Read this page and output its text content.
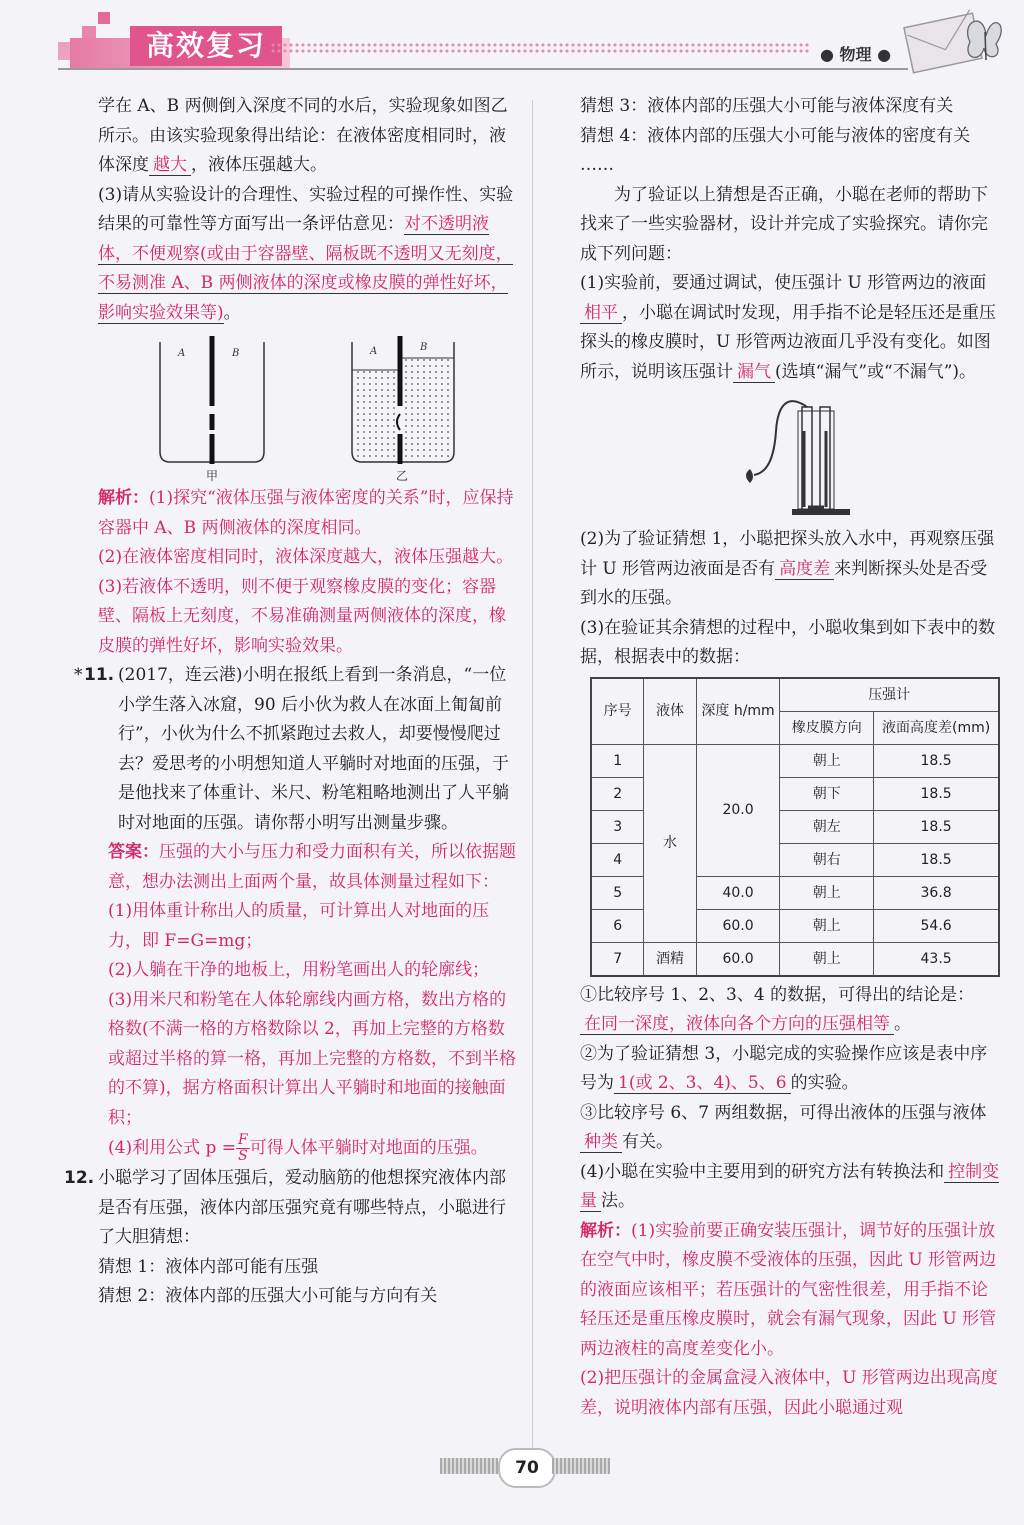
高效复习	● 物理 ●

学在 A、B 两侧倒入深度不同的水后，实验现象如图乙所示。由该实验现象得出结论：在液体密度相同时，液体深度 越大 ，液体压强越大。

(3)请从实验设计的合理性、实验过程的可操作性、实验结果的可靠性等方面写出一条评估意见：对不透明液体，不便观察(或由于容器壁、隔板既不透明又无刻度，不易测准 A、B 两侧液体的深度或橡皮膜的弹性好坏，影响实验效果等)。

A	B
甲
A	B
乙

解析：(1)探究“液体压强与液体密度的关系”时，应保持容器中 A、B 两侧液体的深度相同。

(2)在液体密度相同时，液体深度越大，液体压强越大。

(3)若液体不透明，则不便于观察橡皮膜的变化；容器壁、隔板上无刻度，不易准确测量两侧液体的深度，橡皮膜的弹性好坏，影响实验效果。

* 11. (2017，连云港)小明在报纸上看到一条消息，“一位小学生落入冰窟，90 后小伙为救人在冰面上匍匐前行”，小伙为什么不抓紧跑过去救人，却要慢慢爬过去？爱思考的小明想知道人平躺时对地面的压强，于是他找来了体重计、米尺、粉笔粗略地测出了人平躺时对地面的压强。请你帮小明写出测量步骤。

答案：压强的大小与压力和受力面积有关，所以依据题意，想办法测出上面两个量，故具体测量过程如下：

(1)用体重计称出人的质量，可计算出人对地面的压力，即 F=G=mg；

(2)人躺在干净的地板上，用粉笔画出人的轮廓线；

(3)用米尺和粉笔在人体轮廓线内画方格，数出方格的格数(不满一格的方格数除以 2，再加上完整的方格数或超过半格的算一格，再加上完整的方格数，不到半格的不算)，据方格面积计算出人平躺时和地面的接触面积；

(4)利用公式 $p = \frac{F}{S}$ 可得人体平躺时对地面的压强。

12. 小聪学习了固体压强后，爱动脑筋的他想探究液体内部是否有压强，液体内部压强究竟有哪些特点，小聪进行了大胆猜想：

猜想 1：液体内部可能有压强

猜想 2：液体内部的压强大小可能与方向有关

猜想 3：液体内部的压强大小可能与液体深度有关

猜想 4：液体内部的压强大小可能与液体的密度有关

……

为了验证以上猜想是否正确，小聪在老师的帮助下找来了一些实验器材，设计并完成了实验探究。请你完成下列问题：

(1)实验前，要通过调试，使压强计 U 形管两边的液面相平 ，小聪在调试时发现，用手指不论是轻压还是重压探头的橡皮膜时，U 形管两边液面几乎没有变化。如图所示，说明该压强计 漏气 (选填“漏气”或“不漏气”)。

(2)为了验证猜想 1，小聪把探头放入水中，再观察压强计 U 形管两边液面是否有 高度差 来判断探头处是否受到水的压强。

(3)在验证其余猜想的过程中，小聪收集到如下表中的数据，根据表中的数据：

序号	液体	深度 h/mm	压强计	
			橡皮膜方向	液面高度差(mm)
1	水	20.0	朝上	18.5
2			朝下	18.5
3			朝左	18.5
4			朝右	18.5
5		40.0	朝上	36.8
6		60.0	朝上	54.6
7	酒精	60.0	朝上	43.5

①比较序号 1、2、3、4 的数据，可得出的结论是：

在同一深度，液体向各个方向的压强相等 。

②为了验证猜想 3，小聪完成的实验操作应该是表中序号为 1(或 2、3、4)、5、6 的实验。

③比较序号 6、7 两组数据，可得出液体的压强与液体种类 有关。

(4)小聪在实验中主要用到的研究方法有转换法和 控制变量 法。

解析：(1)实验前要正确安装压强计，调节好的压强计放在空气中时，橡皮膜不受液体的压强，因此 U 形管两边的液面应该相平；若压强计的气密性很差，用手指不论轻压还是重压橡皮膜时，就会有漏气现象，因此 U 形管两边液柱的高度差变化小。

(2)把压强计的金属盒浸入液体中，U 形管两边出现高度差，说明液体内部有压强，因此小聪通过观

70
